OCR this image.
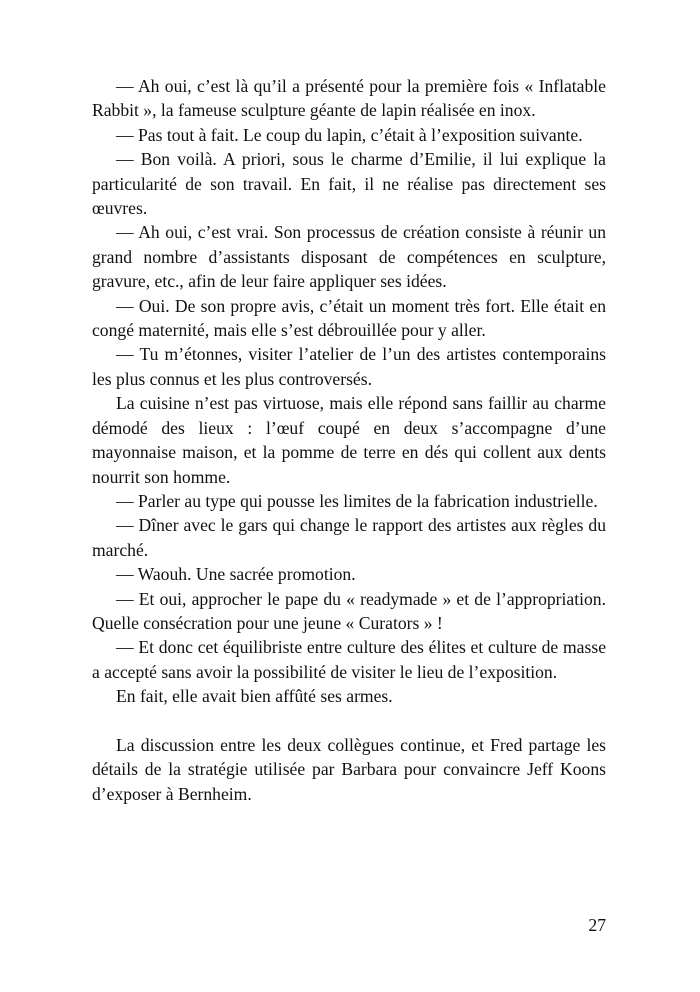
— Ah oui, c’est là qu’il a présenté pour la première fois « Inflatable Rabbit », la fameuse sculpture géante de lapin réalisée en inox.

— Pas tout à fait. Le coup du lapin, c’était à l’exposition suivante.

— Bon voilà. A priori, sous le charme d’Emilie, il lui explique la particularité de son travail. En fait, il ne réalise pas directement ses œuvres.

— Ah oui, c’est vrai. Son processus de création consiste à réunir un grand nombre d’assistants disposant de compétences en sculpture, gravure, etc., afin de leur faire appliquer ses idées.

— Oui. De son propre avis, c’était un moment très fort. Elle était en congé maternité, mais elle s’est débrouillée pour y aller.

— Tu m’étonnes, visiter l’atelier de l’un des artistes contemporains les plus connus et les plus controversés.

La cuisine n’est pas virtuose, mais elle répond sans faillir au charme démodé des lieux : l’œuf coupé en deux s’accompagne d’une mayonnaise maison, et la pomme de terre en dés qui collent aux dents nourrit son homme.

— Parler au type qui pousse les limites de la fabrication industrielle.

— Dîner avec le gars qui change le rapport des artistes aux règles du marché.

— Waouh. Une sacrée promotion.

— Et oui, approcher le pape du « readymade » et de l’appropriation. Quelle consécration pour une jeune « Curators » !

— Et donc cet équilibriste entre culture des élites et culture de masse a accepté sans avoir la possibilité de visiter le lieu de l’exposition.

En fait, elle avait bien affûté ses armes.

La discussion entre les deux collègues continue, et Fred partage les détails de la stratégie utilisée par Barbara pour convaincre Jeff Koons d’exposer à Bernheim.

27
